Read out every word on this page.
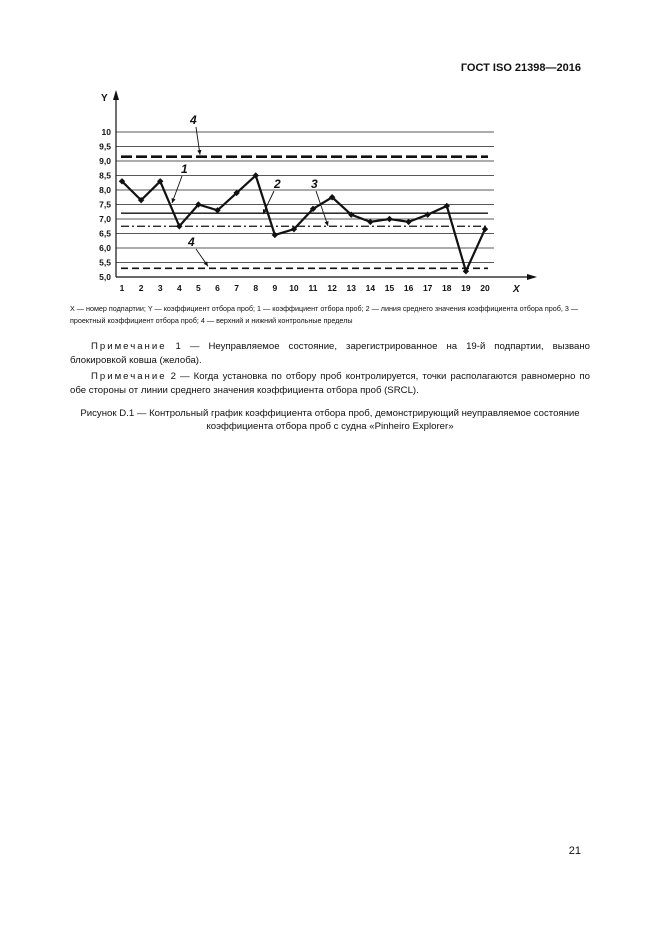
ГОСТ ISO 21398—2016
5,0
5,5
6,0
6,5
7,0
7,5
8,0
8,5
9,0
9,5
10
Y
X
1 2 3 4 5 6 7 8 9 10 11 12 13 14 15 16 17 18 19 20
4
1
2	3
4
X — номер подпартии; Y — коэффициент отбора проб; 1 — коэффициент отбора проб; 2 — линия среднего значения коэффициента отбора проб, 3 — проектный коэффициент отбора проб; 4 — верхний и нижний контрольные пределы
Примечание 1 — Неуправляемое состояние, зарегистрированное на 19-й подпартии, вызвано блокировкой ковша (желоба).
Примечание 2 — Когда установка по отбору проб контролируется, точки располагаются равномерно по обе стороны от линии среднего значения коэффициента отбора проб (SRCL).
Рисунок D.1 — Контрольный график коэффициента отбора проб, демонстрирующий неуправляемое состояние коэффициента отбора проб с судна «Pinheiro Explorer»
21
